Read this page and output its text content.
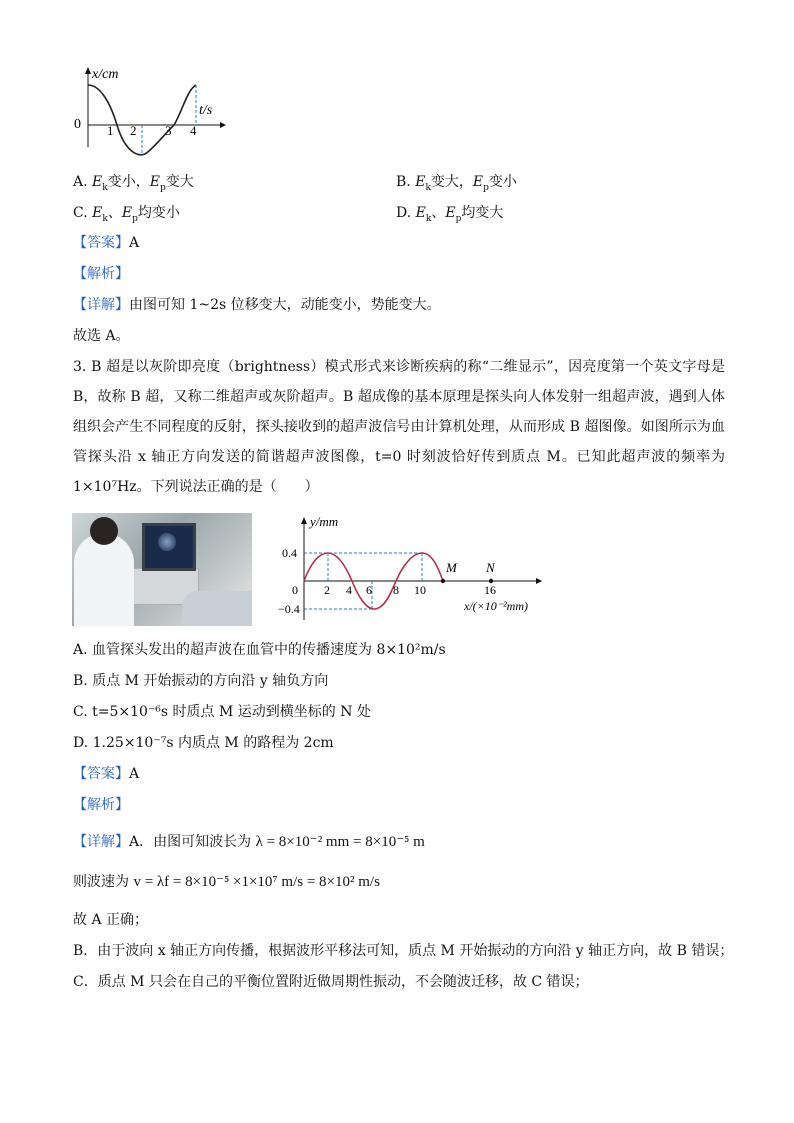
x/cm
t/s
0 1 2 3 4
A. $E_k$变小，$E_p$变大	B. $E_k$变大，$E_p$变小
C. $E_k$、$E_p$均变小	D. $E_k$、$E_p$均变大
【答案】A
【解析】
【详解】由图可知 1~2s 位移变大，动能变小，势能变大。
故选 A。
3. B 超是以灰阶即亮度（brightness）模式形式来诊断疾病的称“二维显示”，因亮度第一个英文字母是 B，故称 B 超，又称二维超声或灰阶超声。B 超成像的基本原理是探头向人体发射一组超声波，遇到人体组织会产生不同程度的反射，探头接收到的超声波信号由计算机处理，从而形成 B 超图像。如图所示为血管探头沿 x 轴正方向发送的简谐超声波图像，t=0 时刻波恰好传到质点 M。已知此超声波的频率为 1×10⁷Hz。下列说法正确的是（　　）
y/mm
0.4
−0.4
0 2 4 6 8 10	16
M N
x/(×10⁻²mm)
A. 血管探头发出的超声波在血管中的传播速度为 8×10²m/s
B. 质点 M 开始振动的方向沿 y 轴负方向
C. t=5×10⁻⁶s 时质点 M 运动到横坐标的 N 处
D. 1.25×10⁻⁷s 内质点 M 的路程为 2cm
【答案】A
【解析】
【详解】A．由图可知波长为 λ = 8×10⁻² mm = 8×10⁻⁵ m
则波速为 v = λf = 8×10⁻⁵ ×1×10⁷ m/s = 8×10² m/s
故 A 正确；
B．由于波向 x 轴正方向传播，根据波形平移法可知，质点 M 开始振动的方向沿 y 轴正方向，故 B 错误；
C．质点 M 只会在自己的平衡位置附近做周期性振动，不会随波迁移，故 C 错误；
